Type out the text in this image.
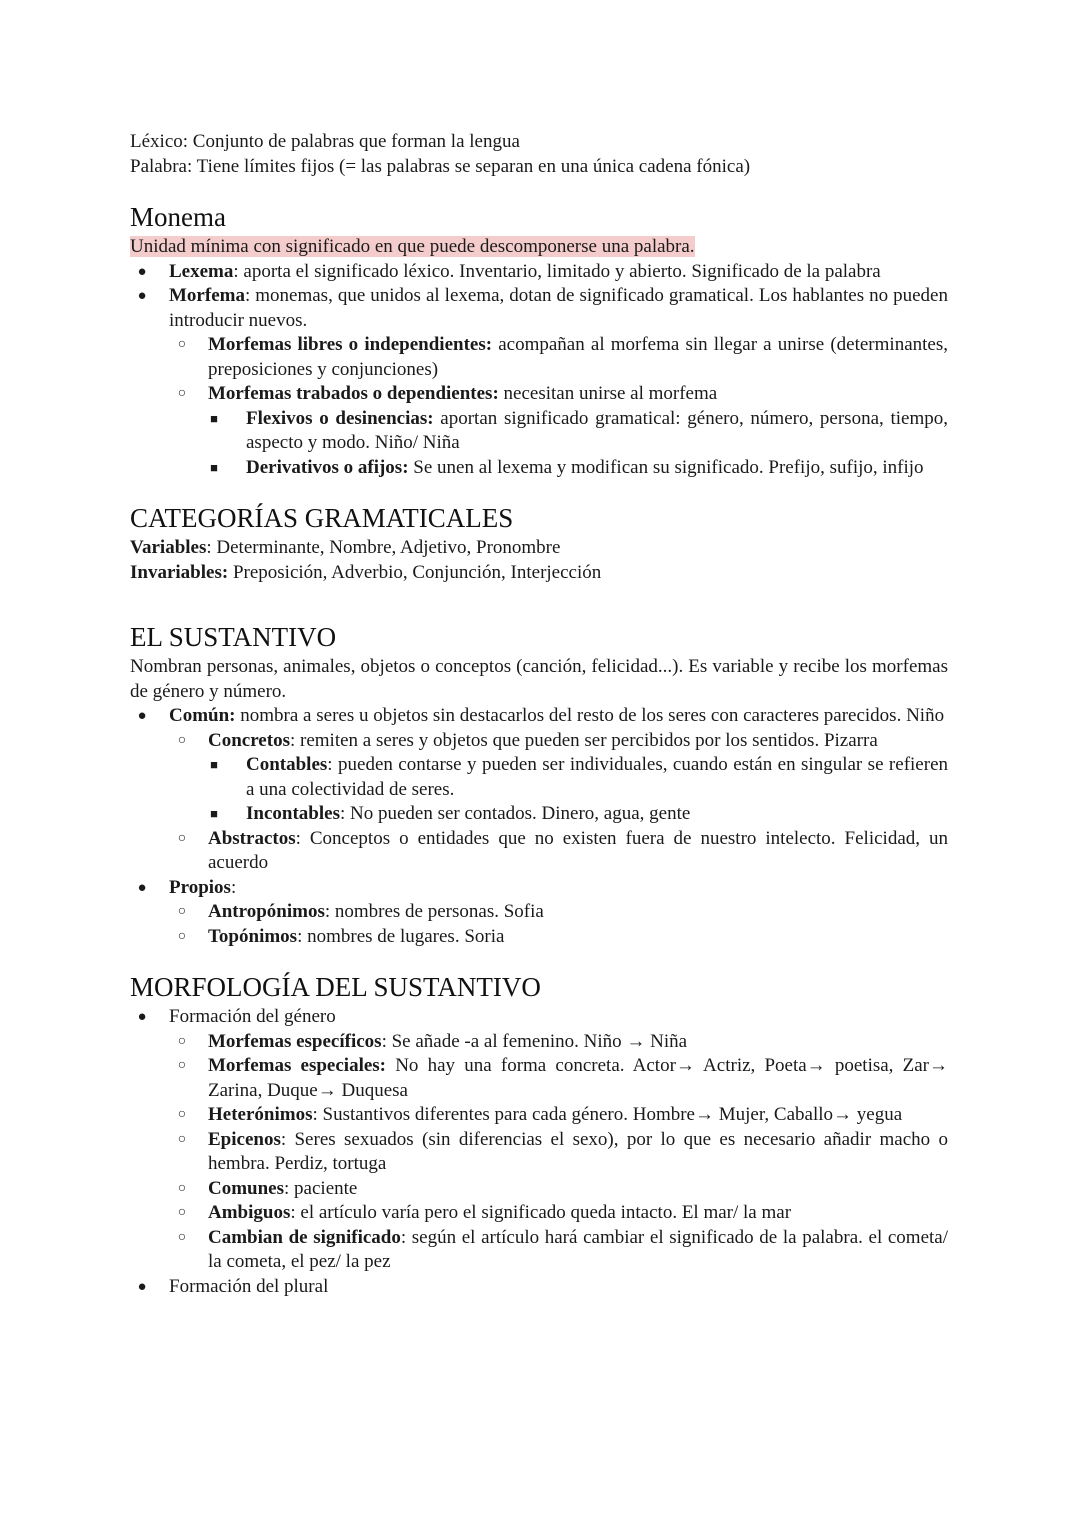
Léxico: Conjunto de palabras que forman la lengua
Palabra: Tiene límites fijos (= las palabras se separan en una única cadena fónica)
Monema
Unidad mínima con significado en que puede descomponerse una palabra.
● Lexema: aporta el significado léxico. Inventario, limitado y abierto. Significado de la palabra
● Morfema: monemas, que unidos al lexema, dotan de significado gramatical. Los hablantes no pueden introducir nuevos.
○	Morfemas libres o independientes: acompañan al morfema sin llegar a unirse (determinantes, preposiciones y conjunciones)
○	Morfemas trabados o dependientes: necesitan unirse al morfema
■	Flexivos o desinencias: aportan significado gramatical: género, número, persona, tiempo, aspecto y modo. Niño/ Niña
■	Derivativos o afijos: Se unen al lexema y modifican su significado. Prefijo, sufijo, infijo
CATEGORÍAS GRAMATICALES
Variables: Determinante, Nombre, Adjetivo, Pronombre
Invariables: Preposición, Adverbio, Conjunción, Interjección
EL SUSTANTIVO
Nombran personas, animales, objetos o conceptos (canción, felicidad...). Es variable y recibe los morfemas de género y número.
● Común: nombra a seres u objetos sin destacarlos del resto de los seres con caracteres parecidos. Niño
○	Concretos: remiten a seres y objetos que pueden ser percibidos por los sentidos. Pizarra
■	Contables: pueden contarse y pueden ser individuales, cuando están en singular se refieren a una colectividad de seres.
■	Incontables: No pueden ser contados. Dinero, agua, gente
○	Abstractos: Conceptos o entidades que no existen fuera de nuestro intelecto. Felicidad, un acuerdo
● Propios:
○	Antropónimos: nombres de personas. Sofia
○	Topónimos: nombres de lugares. Soria
MORFOLOGÍA DEL SUSTANTIVO
● Formación del género
○	Morfemas específicos: Se añade -a al femenino. Niño → Niña
○	Morfemas especiales: No hay una forma concreta. Actor→ Actriz, Poeta→ poetisa, Zar→ Zarina, Duque→ Duquesa
○	Heterónimos: Sustantivos diferentes para cada género. Hombre→ Mujer, Caballo→ yegua
○	Epicenos: Seres sexuados (sin diferencias el sexo), por lo que es necesario añadir macho o hembra. Perdiz, tortuga
○	Comunes: paciente
○	Ambiguos: el artículo varía pero el significado queda intacto. El mar/ la mar
○	Cambian de significado: según el artículo hará cambiar el significado de la palabra. el cometa/ la cometa, el pez/ la pez
● Formación del plural
